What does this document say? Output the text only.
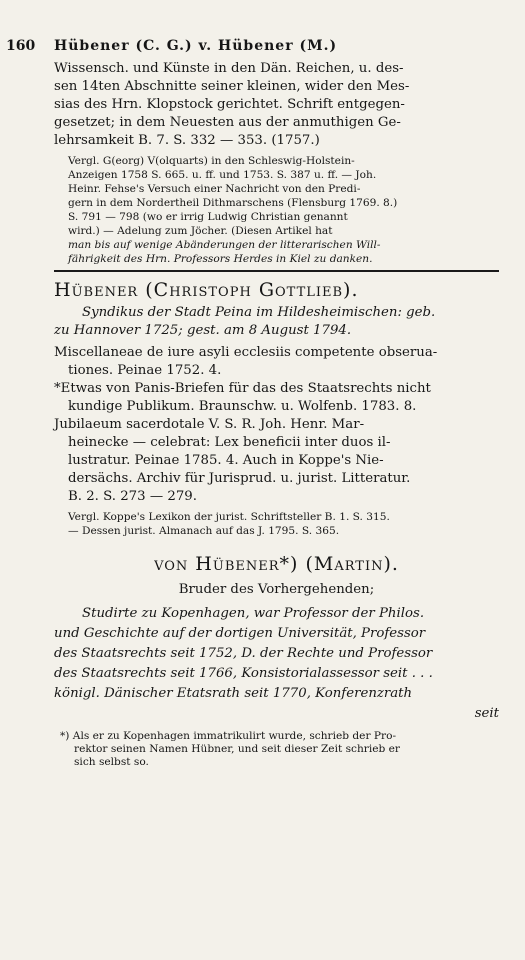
160	Hübener (C. G.) v. Hübener (M.)

Wissensch. und Künste in den Dän. Reichen, u. des-

sen 14ten Abschnitte seiner kleinen, wider den Mes-

sias des Hrn. Klopstock gerichtet. Schrift entgegen-

gesetzet; in dem Neuesten aus der anmuthigen Ge-

lehrsamkeit B. 7. S. 332 — 353. (1757.)

Vergl. G(eorg) V(olquarts) in den Schleswig-Holstein-

Anzeigen 1758 S. 665. u. ff. und 1753. S. 387 u. ff. — Joh.

Heinr. Fehse's Versuch einer Nachricht von den Predi-

gern in dem Nordertheil Dithmarschens (Flensburg 1769. 8.)

S. 791 — 798 (wo er irrig Ludwig Christian genannt

wird.) — Adelung zum Jöcher. (Diesen Artikel hat

man bis auf wenige Abänderungen der litterarischen Will-

fährigkeit des Hrn. Professors Herdes in Kiel zu danken.

Hübener (Christoph Gottlieb).

Syndikus der Stadt Peina im Hildesheimischen: geb.

zu Hannover 1725; gest. am 8 August 1794.

Miscellaneae de iure asyli ecclesiis competente obserua-

tiones. Peinae 1752. 4.

*Etwas von Panis-Briefen für das des Staatsrechts nicht

kundige Publikum. Braunschw. u. Wolfenb. 1783. 8.

Jubilaeum sacerdotale V. S. R. Joh. Henr. Mar-

heinecke — celebrat: Lex beneficii inter duos il-

lustratur. Peinae 1785. 4. Auch in Koppe's Nie-

dersächs. Archiv für Jurisprud. u. jurist. Litteratur.

B. 2. S. 273 — 279.

Vergl. Koppe's Lexikon der jurist. Schriftsteller B. 1. S. 315.

— Dessen jurist. Almanach auf das J. 1795. S. 365.

von Hübener*) (Martin).

Bruder des Vorhergehenden;

Studirte zu Kopenhagen, war Professor der Philos.

und Geschichte auf der dortigen Universität, Professor

des Staatsrechts seit 1752, D. der Rechte und Professor

des Staatsrechts seit 1766, Konsistorialassessor seit . . .

königl. Dänischer Etatsrath seit 1770, Konferenzrath

seit

*) Als er zu Kopenhagen immatrikulirt wurde, schrieb der Pro-

rektor seinen Namen Hübner, und seit dieser Zeit schrieb er

sich selbst so.
